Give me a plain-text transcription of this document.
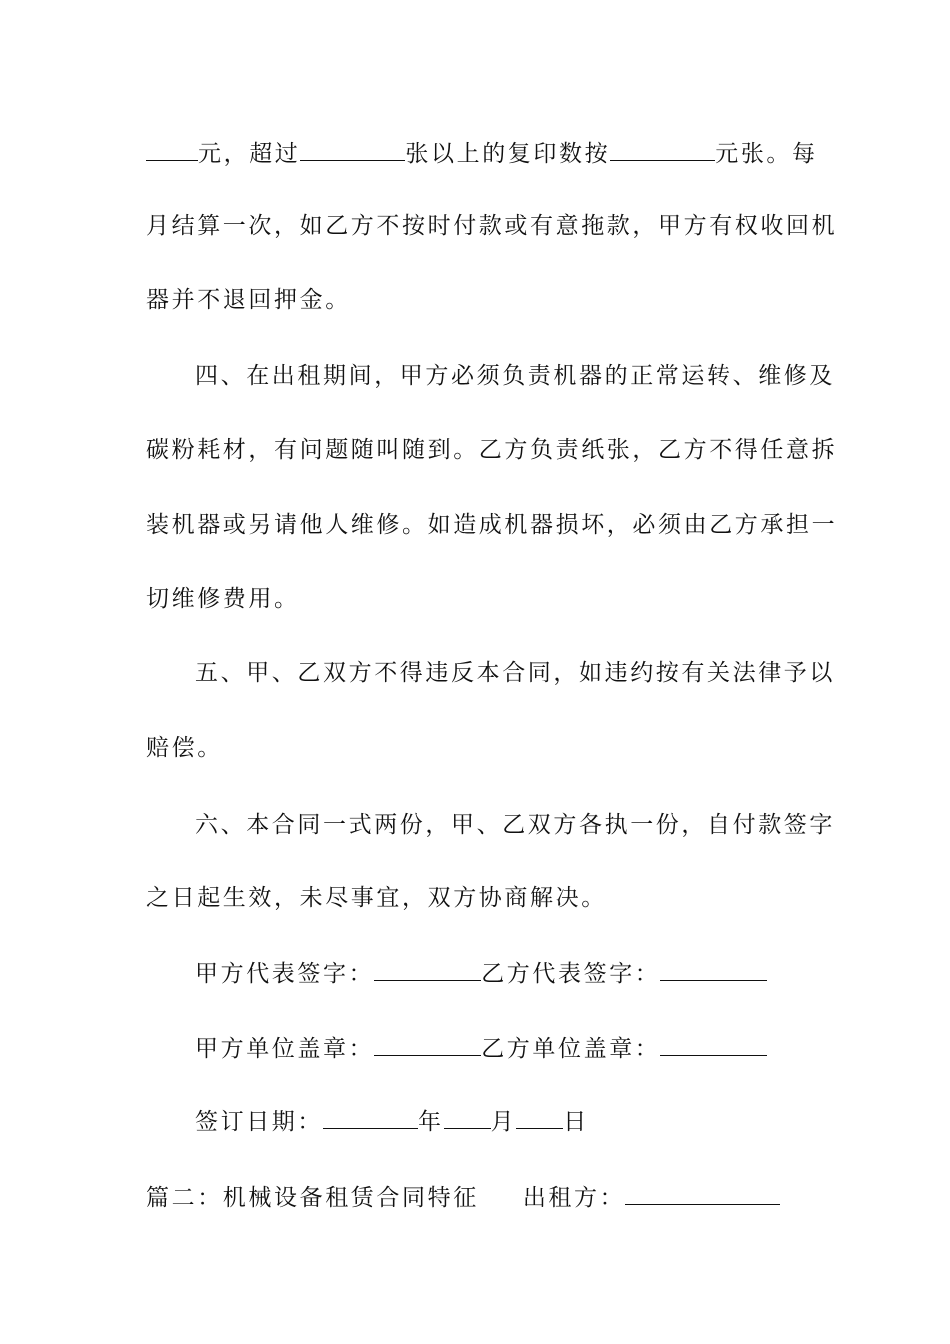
元，超过	张以上的复印数按	元张。每
月结算一次，如乙方不按时付款或有意拖款，甲方有权收回机
器并不退回押金。
四、在出租期间，甲方必须负责机器的正常运转、维修及
碳粉耗材，有问题随叫随到。乙方负责纸张，乙方不得任意拆
装机器或另请他人维修。如造成机器损坏，必须由乙方承担一
切维修费用。
五、甲、乙双方不得违反本合同，如违约按有关法律予以
赔偿。
六、本合同一式两份，甲、乙双方各执一份，自付款签字
之日起生效，未尽事宜，双方协商解决。
甲方代表签字：	乙方代表签字：
甲方单位盖章：	乙方单位盖章：
签订日期：	年 月 日
篇二：机械设备租赁合同特征 出租方：
